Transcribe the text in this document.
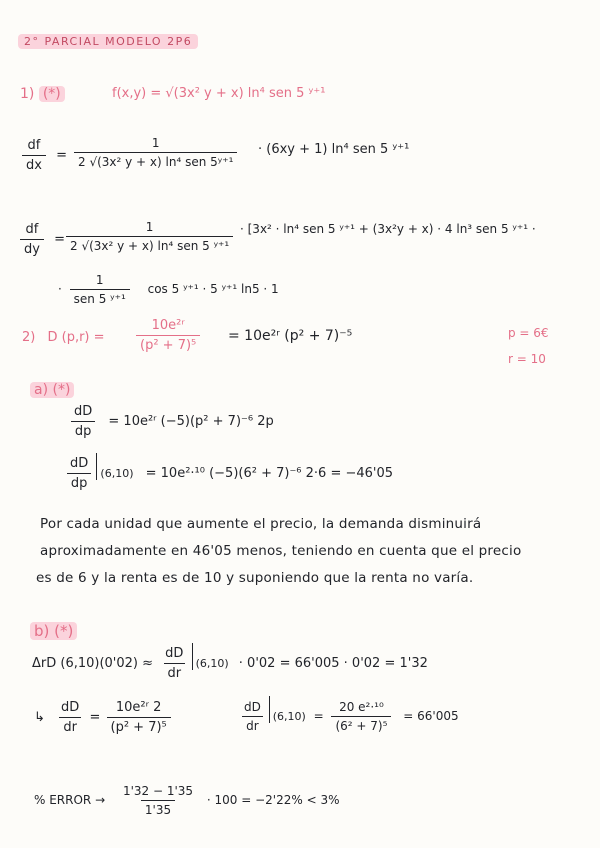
2° PARCIAL MODELO 2P6
1) (*)	f(x,y) = √(3x² y + x) ln⁴ sen 5 ʸ⁺¹
$\frac{df}{dx} = \frac{1}{\text{2 √(3x² y + x) ln⁴ sen 5ʸ⁺¹}} \cdot (6xy + 1)$ ln⁴ sen 5 ʸ⁺¹
$\frac{df}{dy} = \frac{1}{\text{2 √(3x² y + x) ln⁴ sen 5 ʸ⁺¹}} \cdot [3x^2 \cdot \ln^4$ sen 5 ʸ⁺¹ + (3x²y + x) · 4 ln³ sen 5 ʸ⁺¹ ·
· $\frac{1}{\text{sen 5 ʸ⁺¹}}$ cos 5 ʸ⁺¹ · 5 ʸ⁺¹ ln5 · 1
2) D $(p,r) = \frac{\text{10e²ʳ}}{\text{(p² + 7)⁵}}$ = 10e²ʳ (p² + 7)⁻⁵	p = 6€
r = 10
a) (*)
$\frac{dD}{dp}$ = 10e²ʳ (−5)(p² + 7)⁻⁶ 2p
$\frac{dD}{dp} (6,10) = 10e^2\cdot^{10}$ (−5)(6² + 7)⁻⁶ 2·6 = −46'05
Por cada unidad que aumente el precio, la demanda disminuirá
aproximadamente en 46'05 menos, teniendo en cuenta que el precio
es de 6 y la renta es de 10 y suponiendo que la renta no varía.
b) (*)
ΔrD $(6,10)(0'02) \approx \frac{dD}{dr} (6,10) \cdot 0'02 = 66'005 \cdot 0'02 = 1'32$
↳ $\frac{dD}{dr} = \frac{\text{10e²ʳ 2}}{\text{(p² + 7)⁵}}$	$\frac{dD}{dr} (6,10) = \frac{\text{20 e²·¹⁰}}{\text{(6² + 7)⁵}} = 66'005$
% ERROR → $\frac{1'32 - 1'35}{1'35} \cdot 100 = -2'22\% < 3\%$
